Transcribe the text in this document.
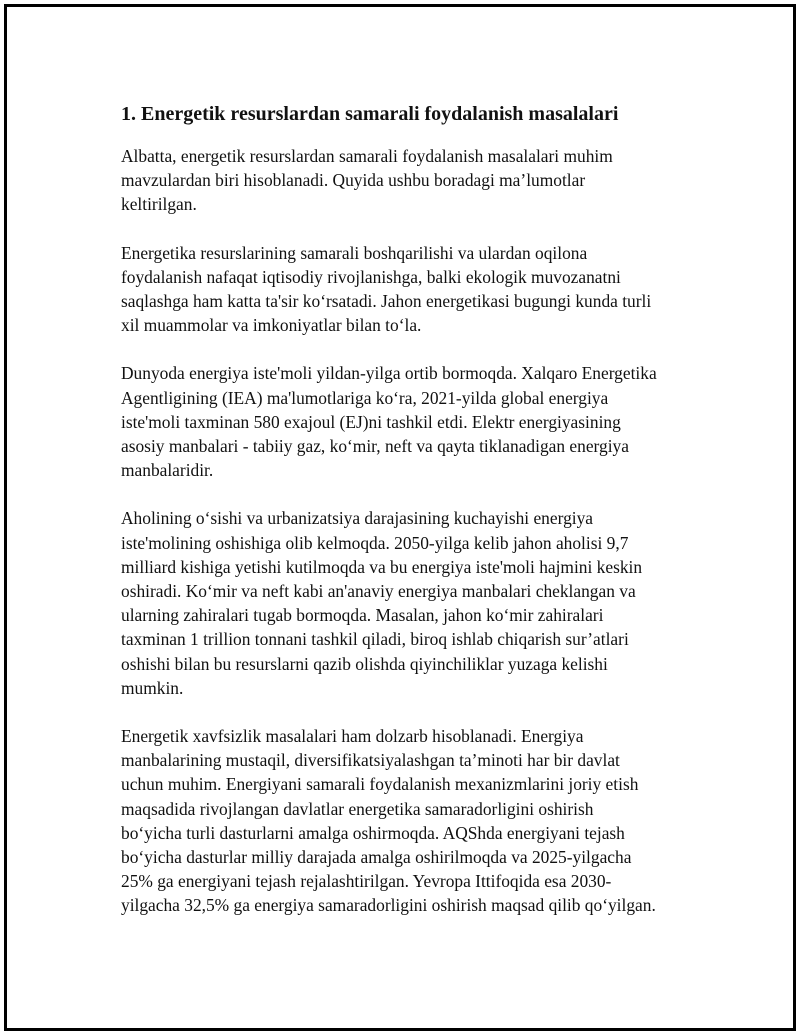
1. Energetik resurslardan samarali foydalanish masalalari

Albatta, energetik resurslardan samarali foydalanish masalalari muhim
mavzulardan biri hisoblanadi. Quyida ushbu boradagi ma’lumotlar
keltirilgan.

Energetika resurslarining samarali boshqarilishi va ulardan oqilona
foydalanish nafaqat iqtisodiy rivojlanishga, balki ekologik muvozanatni
saqlashga ham katta ta'sir ko‘rsatadi. Jahon energetikasi bugungi kunda turli
xil muammolar va imkoniyatlar bilan to‘la.

Dunyoda energiya iste'moli yildan-yilga ortib bormoqda. Xalqaro Energetika
Agentligining (IEA) ma'lumotlariga ko‘ra, 2021-yilda global energiya
iste'moli taxminan 580 exajoul (EJ)ni tashkil etdi. Elektr energiyasining
asosiy manbalari - tabiiy gaz, ko‘mir, neft va qayta tiklanadigan energiya
manbalaridir.

Aholining o‘sishi va urbanizatsiya darajasining kuchayishi energiya
iste'molining oshishiga olib kelmoqda. 2050-yilga kelib jahon aholisi 9,7
milliard kishiga yetishi kutilmoqda va bu energiya iste'moli hajmini keskin
oshiradi. Ko‘mir va neft kabi an'anaviy energiya manbalari cheklangan va
ularning zahiralari tugab bormoqda. Masalan, jahon ko‘mir zahiralari
taxminan 1 trillion tonnani tashkil qiladi, biroq ishlab chiqarish sur’atlari
oshishi bilan bu resurslarni qazib olishda qiyinchiliklar yuzaga kelishi
mumkin.

Energetik xavfsizlik masalalari ham dolzarb hisoblanadi. Energiya
manbalarining mustaqil, diversifikatsiyalashgan ta’minoti har bir davlat
uchun muhim. Energiyani samarali foydalanish mexanizmlarini joriy etish
maqsadida rivojlangan davlatlar energetika samaradorligini oshirish
bo‘yicha turli dasturlarni amalga oshirmoqda. AQShda energiyani tejash
bo‘yicha dasturlar milliy darajada amalga oshirilmoqda va 2025-yilgacha
25% ga energiyani tejash rejalashtirilgan. Yevropa Ittifoqida esa 2030-
yilgacha 32,5% ga energiya samaradorligini oshirish maqsad qilib qo‘yilgan.
